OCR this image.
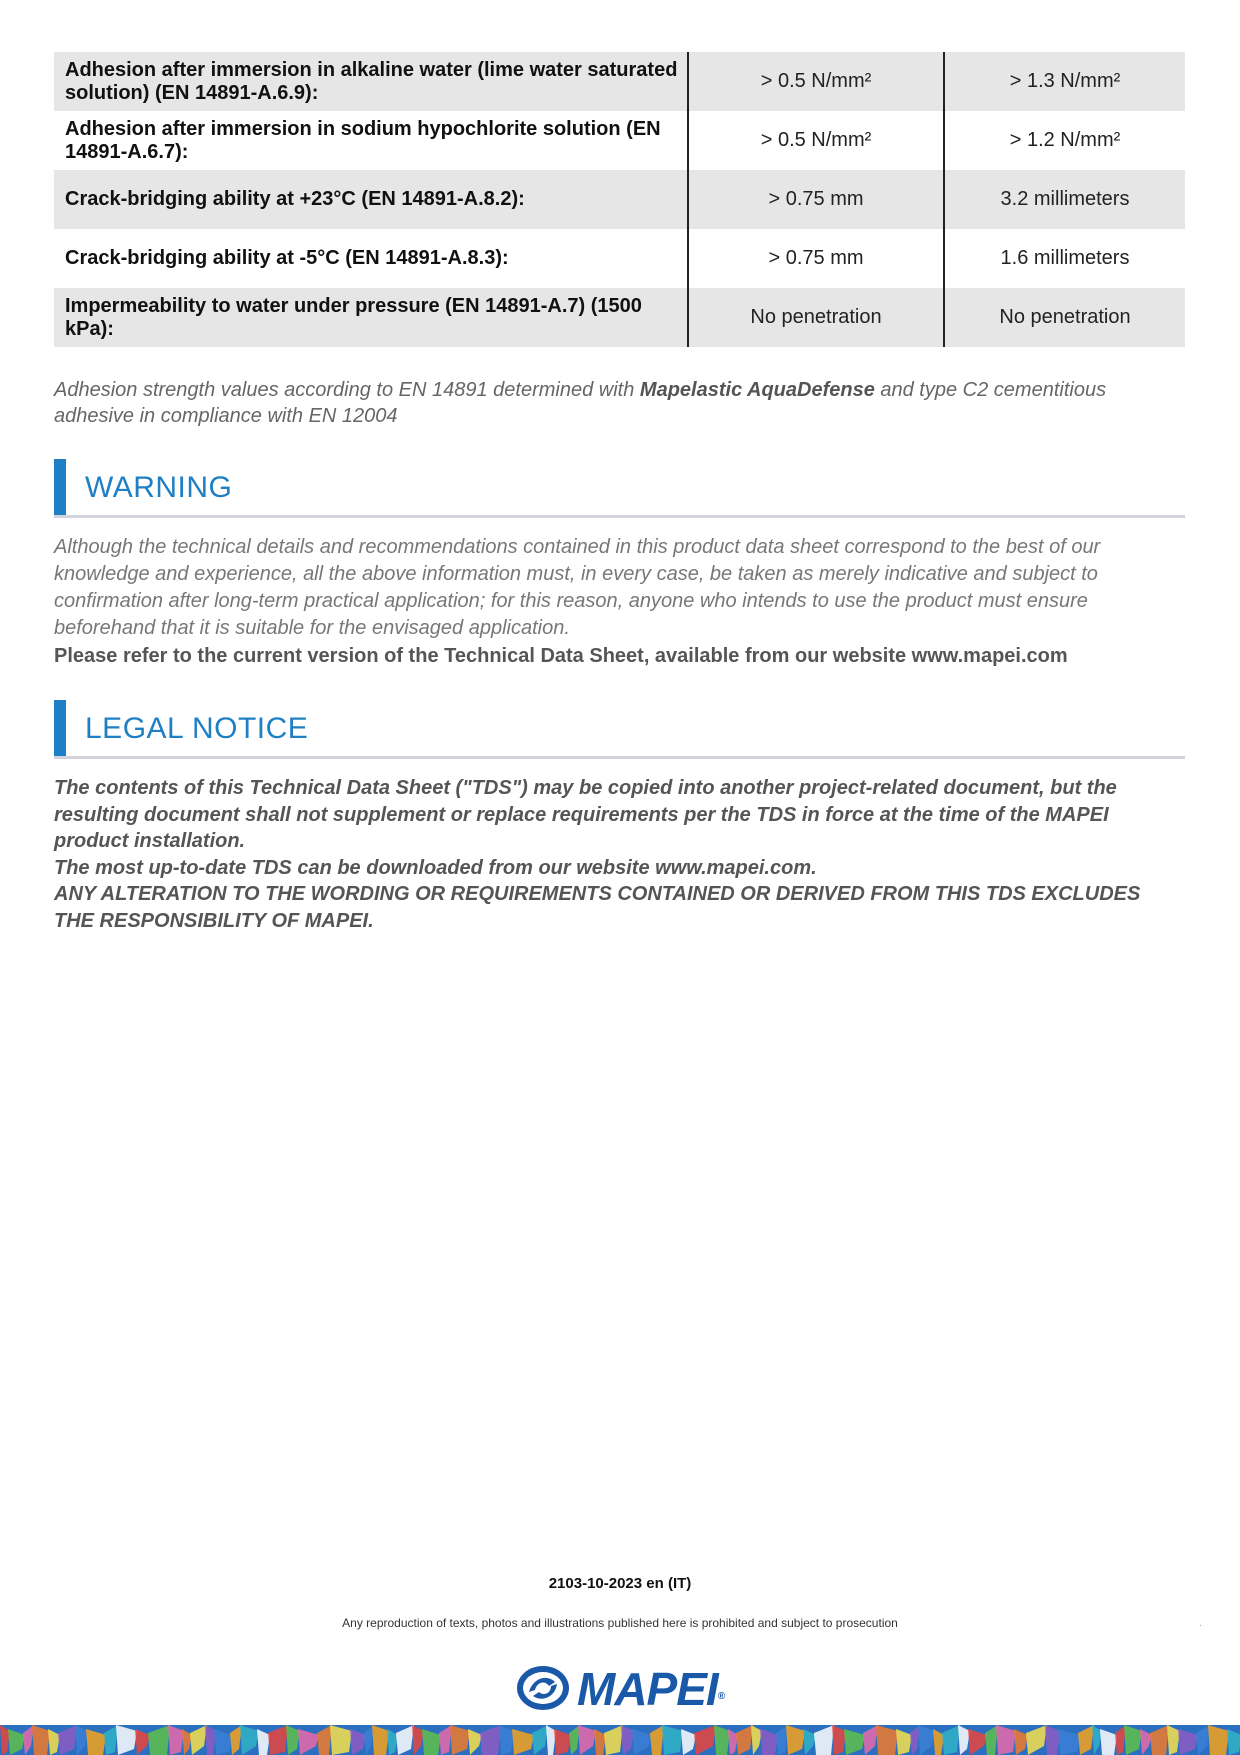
Adhesion after immersion in alkaline water (lime water saturated solution) (EN 14891-A.6.9):	> 0.5 N/mm²	> 1.3 N/mm²
Adhesion after immersion in sodium hypochlorite solution (EN 14891-A.6.7):	> 0.5 N/mm²	> 1.2 N/mm²
Crack-bridging ability at +23°C (EN 14891-A.8.2):	> 0.75 mm	3.2 millimeters
Crack-bridging ability at -5°C (EN 14891-A.8.3):	> 0.75 mm	1.6 millimeters
Impermeability to water under pressure (EN 14891-A.7) (1500 kPa):	No penetration	No penetration
Adhesion strength values according to EN 14891 determined with Mapelastic AquaDefense and type C2 cementitious adhesive in compliance with EN 12004
WARNING
Although the technical details and recommendations contained in this product data sheet correspond to the best of our knowledge and experience, all the above information must, in every case, be taken as merely indicative and subject to confirmation after long-term practical application; for this reason, anyone who intends to use the product must ensure beforehand that it is suitable for the envisaged application.
Please refer to the current version of the Technical Data Sheet, available from our website www.mapei.com
LEGAL NOTICE

The contents of this Technical Data Sheet ("TDS") may be copied into another project-related document, but the resulting document shall not supplement or replace requirements per the TDS in force at the time of the MAPEI product installation.

The most up-to-date TDS can be downloaded from our website www.mapei.com.

ANY ALTERATION TO THE WORDING OR REQUIREMENTS CONTAINED OR DERIVED FROM THIS TDS EXCLUDES THE RESPONSIBILITY OF MAPEI.

2103-10-2023 en (IT)
Any reproduction of texts, photos and illustrations published here is prohibited and subject to prosecution	.
MAPEI®
